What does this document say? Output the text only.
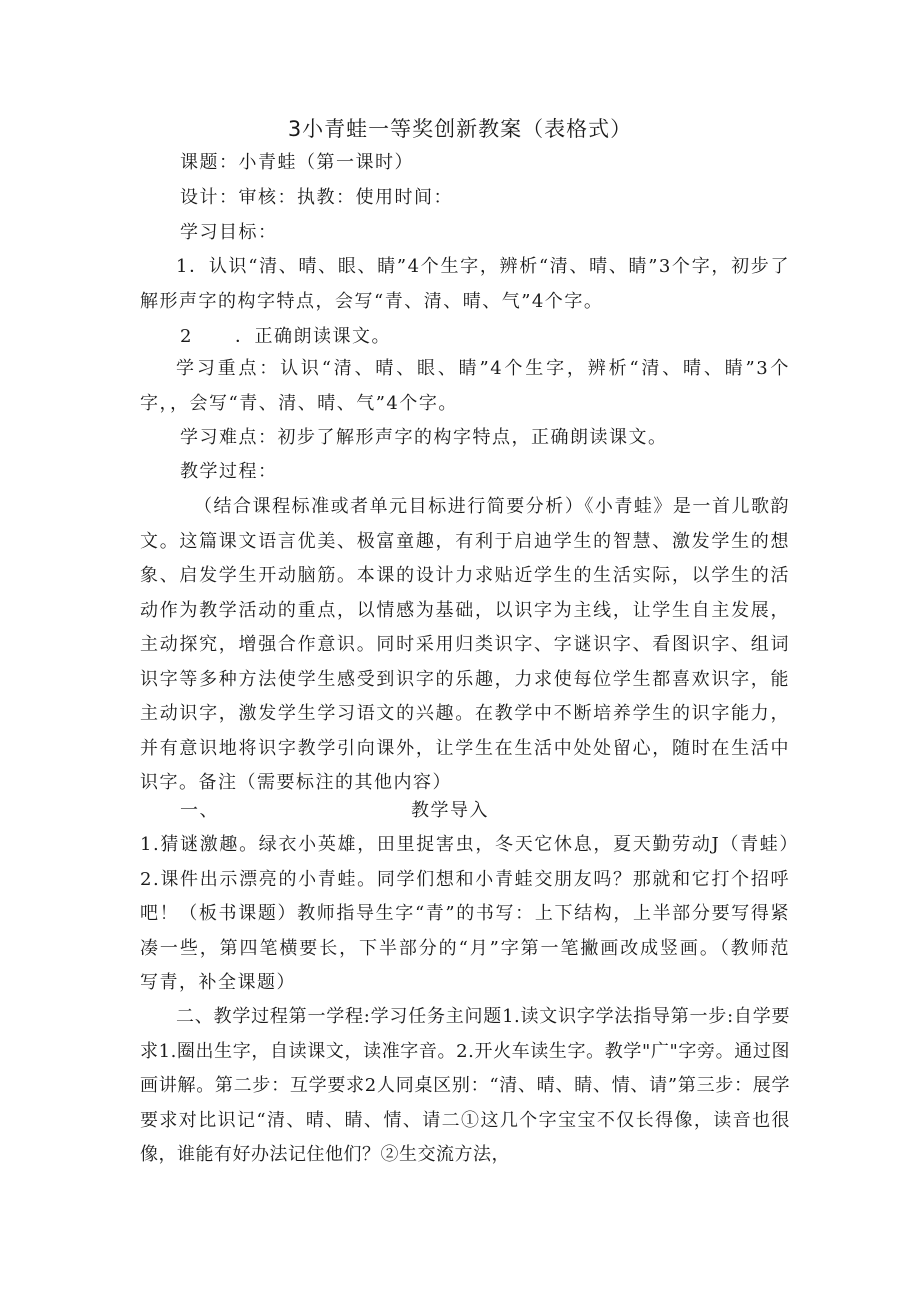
3小青蛙一等奖创新教案（表格式）
课题：小青蛙（第一课时）
设计：审核：执教：使用时间：
学习目标：
1．认识“清、晴、眼、睛”4个生字，辨析“清、晴、睛”3个字，初步了解形声字的构字特点，会写“青、清、晴、气”4个字。
2 ．正确朗读课文。
学习重点：认识“清、晴、眼、睛”4个生字，辨析“清、晴、睛”3个字，，会写“青、清、晴、气”4个字。
学习难点：初步了解形声字的构字特点，正确朗读课文。
教学过程：
（结合课程标准或者单元目标进行简要分析）《小青蛙》是一首儿歌韵文。这篇课文语言优美、极富童趣，有利于启迪学生的智慧、激发学生的想象、启发学生开动脑筋。本课的设计力求贴近学生的生活实际，以学生的活动作为教学活动的重点，以情感为基础，以识字为主线，让学生自主发展，主动探究，增强合作意识。同时采用归类识字、字谜识字、看图识字、组词识字等多种方法使学生感受到识字的乐趣，力求使每位学生都喜欢识字，能主动识字，激发学生学习语文的兴趣。在教学中不断培养学生的识字能力，并有意识地将识字教学引向课外，让学生在生活中处处留心，随时在生活中识字。备注（需要标注的其他内容）
一、	教学导入
1.猜谜激趣。绿衣小英雄，田里捉害虫，冬天它休息，夏天勤劳动J（青蛙）2.课件出示漂亮的小青蛙。同学们想和小青蛙交朋友吗？那就和它打个招呼吧！（板书课题）教师指导生字“青”的书写：上下结构，上半部分要写得紧凑一些，第四笔横要长，下半部分的“月”字第一笔撇画改成竖画。（教师范写青，补全课题）
二、教学过程第一学程:学习任务主问题1.读文识字学法指导第一步:自学要求1.圈出生字，自读课文，读准字音。2.开火车读生字。教学"广"字旁。通过图画讲解。第二步：互学要求2人同桌区别：“清、晴、睛、情、请”第三步：展学要求对比识记“清、晴、睛、情、请二①这几个字宝宝不仅长得像，读音也很像，谁能有好办法记住他们？②生交流方法，
